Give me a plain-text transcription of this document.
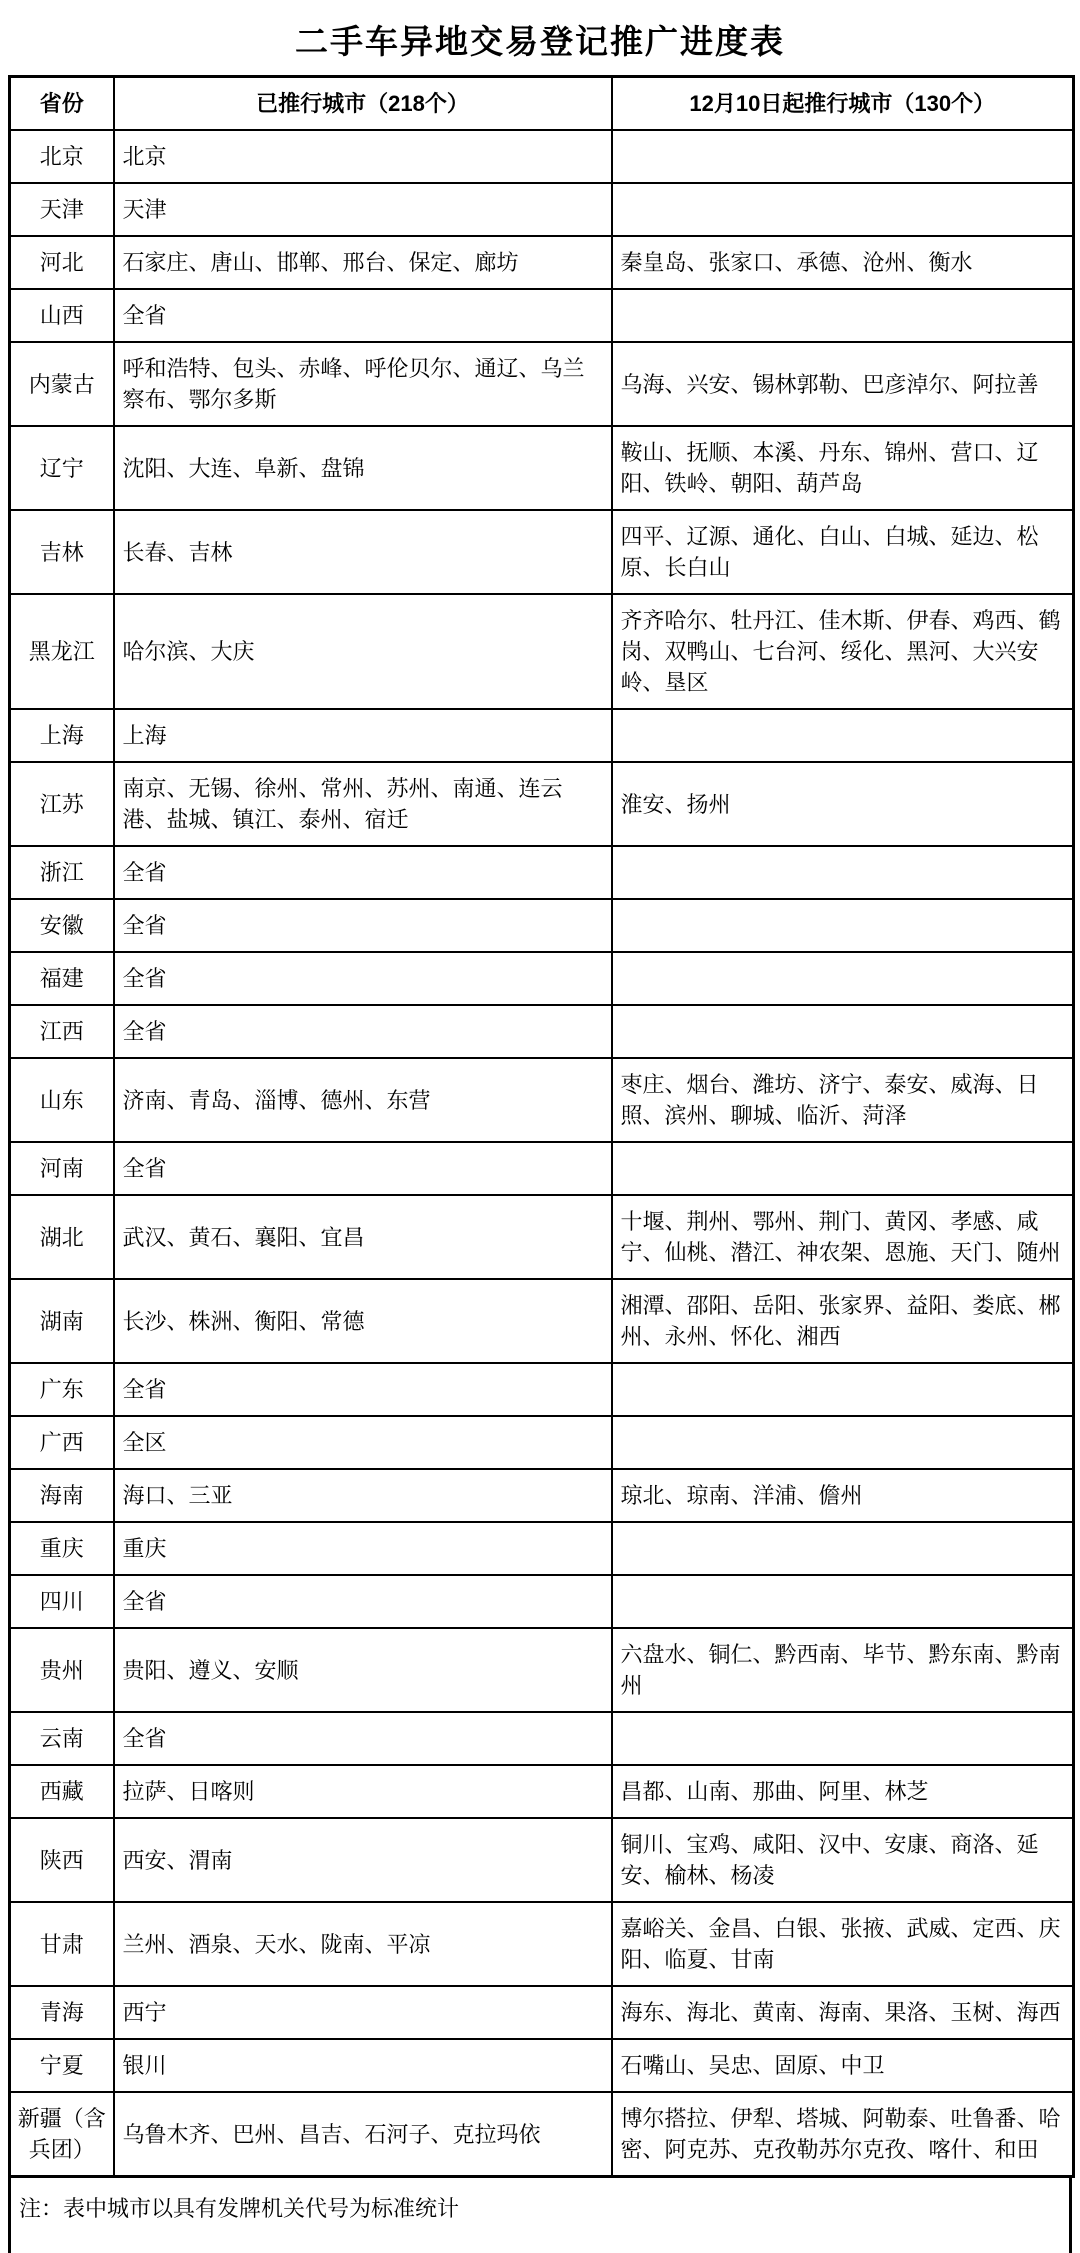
二手车异地交易登记推广进度表
省份	已推行城市（218个）	12月10日起推行城市（130个）
北京	北京	
天津	天津	
河北	石家庄、唐山、邯郸、邢台、保定、廊坊	秦皇岛、张家口、承德、沧州、衡水
山西	全省	
内蒙古	呼和浩特、包头、赤峰、呼伦贝尔、通辽、乌兰察布、鄂尔多斯	乌海、兴安、锡林郭勒、巴彦淖尔、阿拉善
辽宁	沈阳、大连、阜新、盘锦	鞍山、抚顺、本溪、丹东、锦州、营口、辽阳、铁岭、朝阳、葫芦岛
吉林	长春、吉林	四平、辽源、通化、白山、白城、延边、松原、长白山
黑龙江	哈尔滨、大庆	齐齐哈尔、牡丹江、佳木斯、伊春、鸡西、鹤岗、双鸭山、七台河、绥化、黑河、大兴安岭、垦区
上海	上海	
江苏	南京、无锡、徐州、常州、苏州、南通、连云港、盐城、镇江、泰州、宿迁	淮安、扬州
浙江	全省	
安徽	全省	
福建	全省	
江西	全省	
山东	济南、青岛、淄博、德州、东营	枣庄、烟台、潍坊、济宁、泰安、威海、日照、滨州、聊城、临沂、菏泽
河南	全省	
湖北	武汉、黄石、襄阳、宜昌	十堰、荆州、鄂州、荆门、黄冈、孝感、咸宁、仙桃、潜江、神农架、恩施、天门、随州
湖南	长沙、株洲、衡阳、常德	湘潭、邵阳、岳阳、张家界、益阳、娄底、郴州、永州、怀化、湘西
广东	全省	
广西	全区	
海南	海口、三亚	琼北、琼南、洋浦、儋州
重庆	重庆	
四川	全省	
贵州	贵阳、遵义、安顺	六盘水、铜仁、黔西南、毕节、黔东南、黔南州
云南	全省	
西藏	拉萨、日喀则	昌都、山南、那曲、阿里、林芝
陕西	西安、渭南	铜川、宝鸡、咸阳、汉中、安康、商洛、延安、榆林、杨凌
甘肃	兰州、酒泉、天水、陇南、平凉	嘉峪关、金昌、白银、张掖、武威、定西、庆阳、临夏、甘南
青海	西宁	海东、海北、黄南、海南、果洛、玉树、海西
宁夏	银川	石嘴山、吴忠、固原、中卫
新疆（含兵团）	乌鲁木齐、巴州、昌吉、石河子、克拉玛依	博尔搭拉、伊犁、塔城、阿勒泰、吐鲁番、哈密、阿克苏、克孜勒苏尔克孜、喀什、和田
注：表中城市以具有发牌机关代号为标准统计
